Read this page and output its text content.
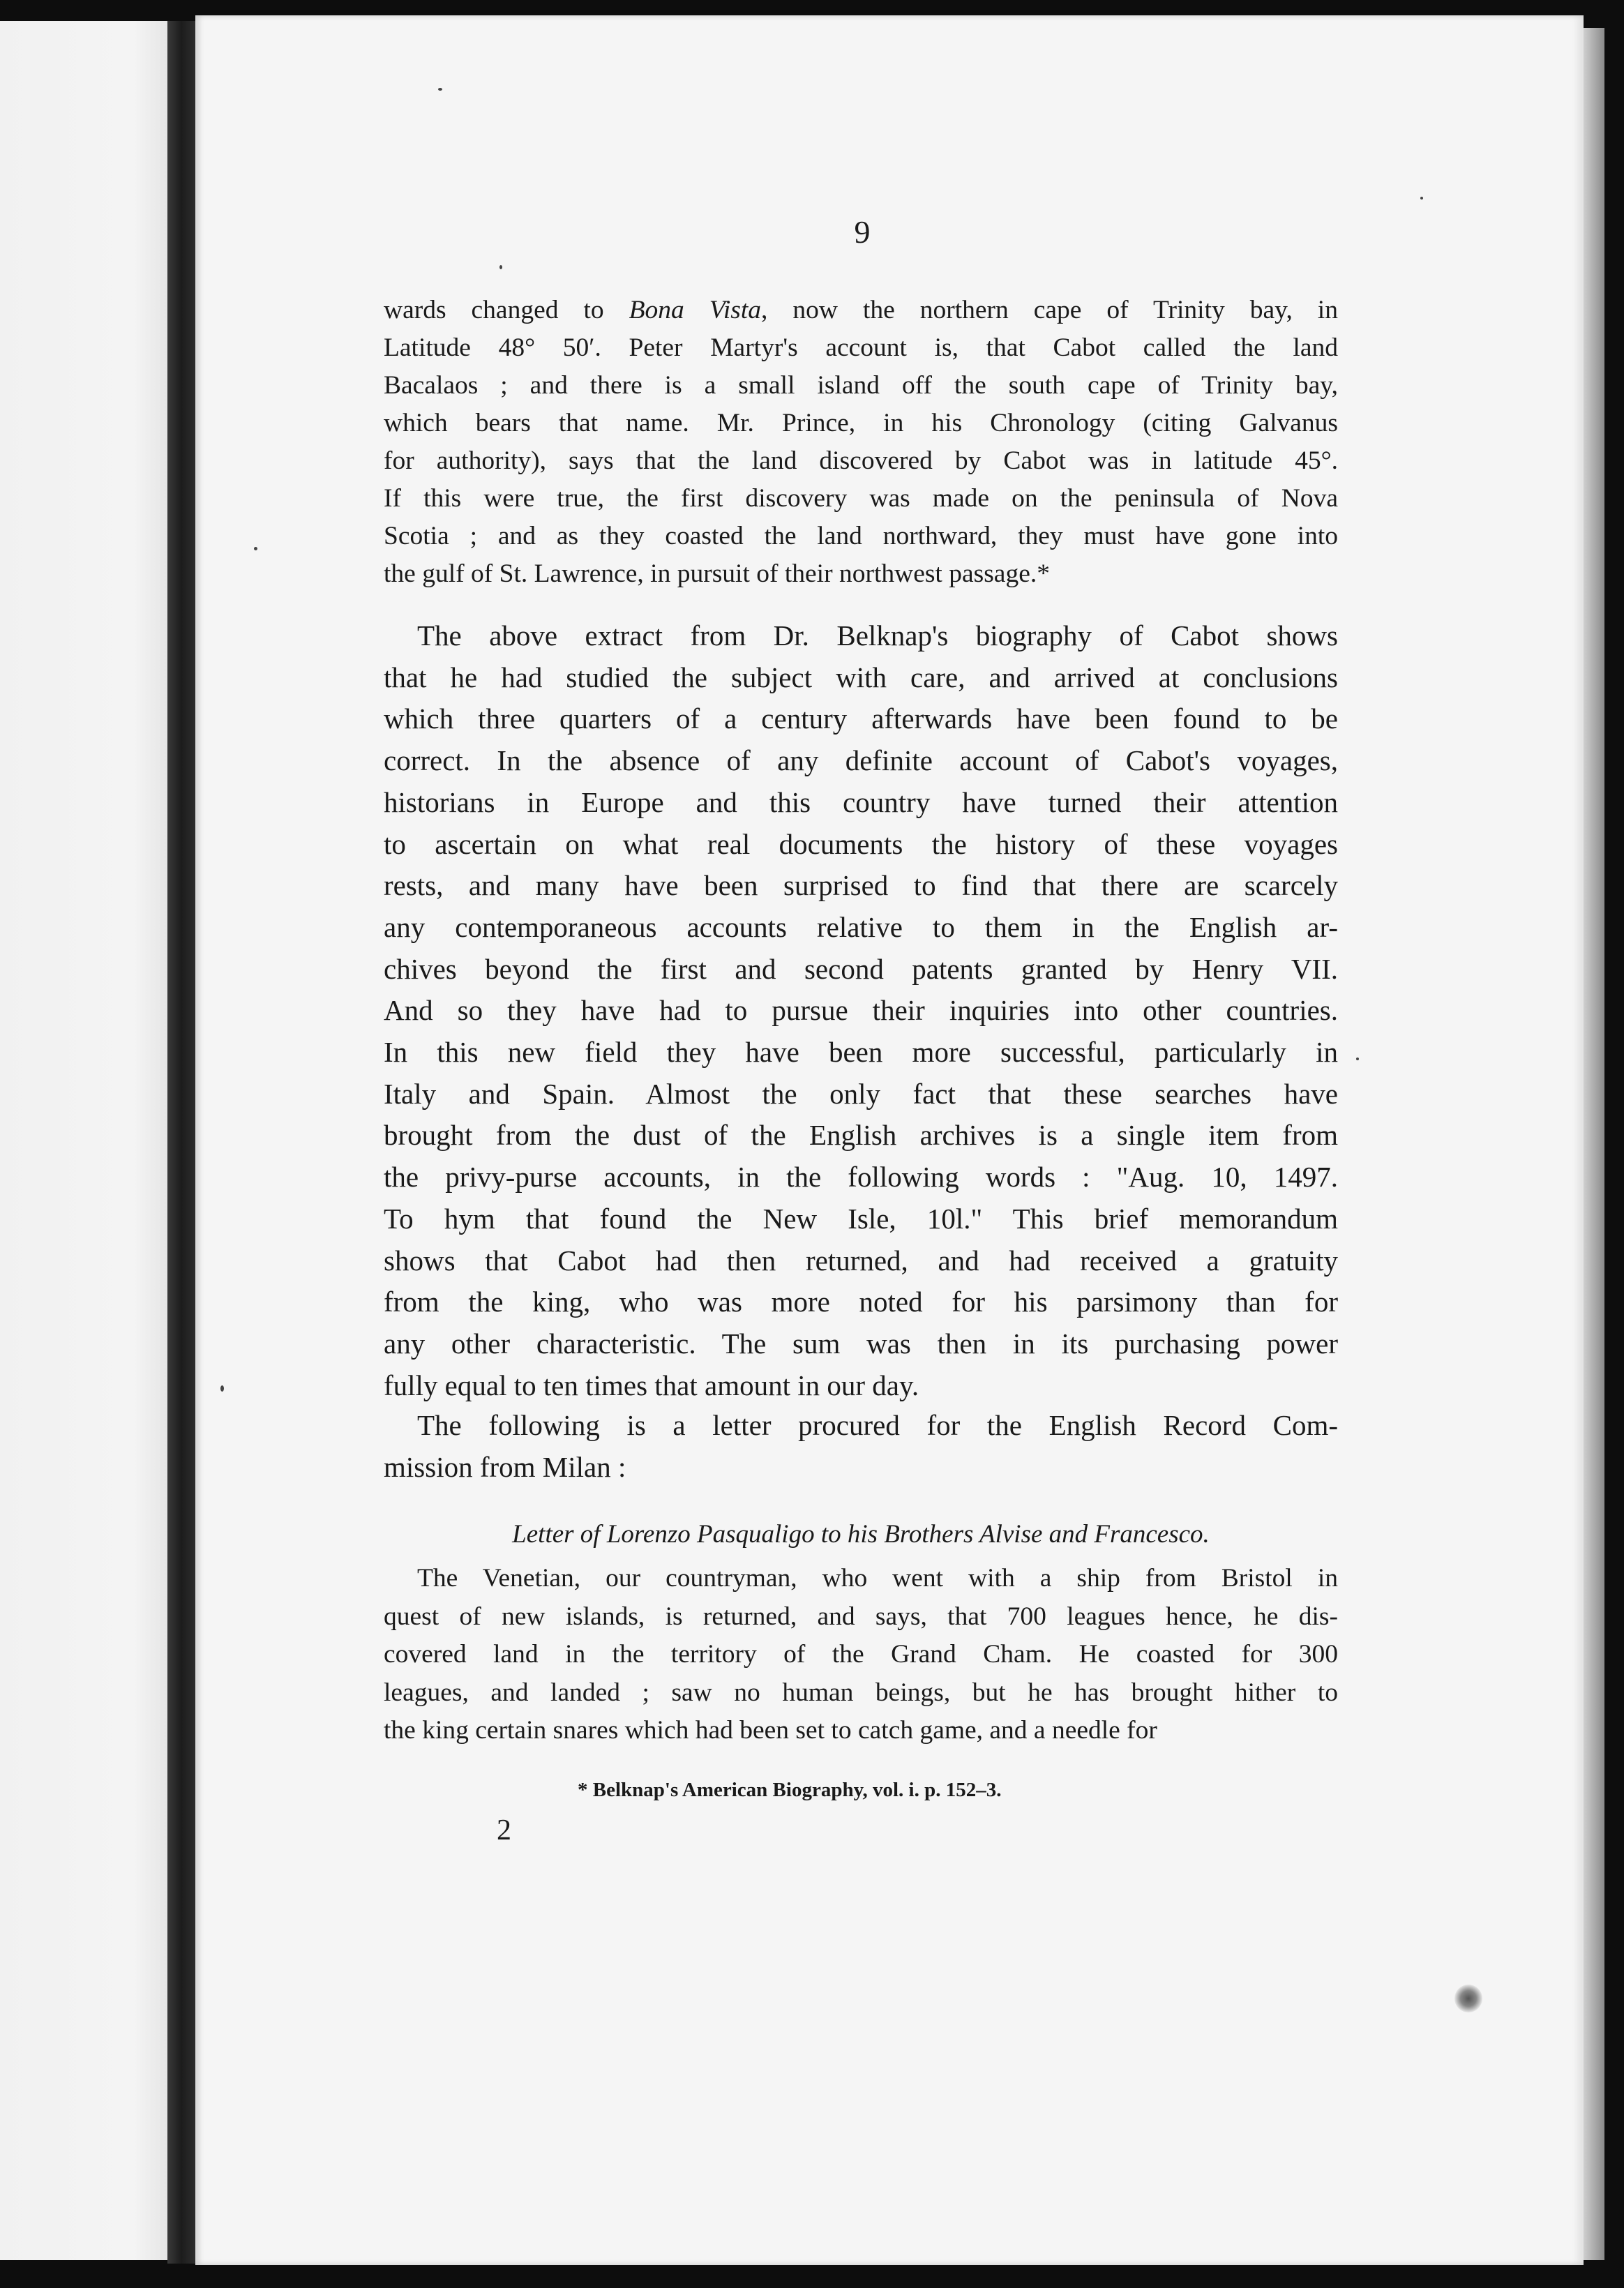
9
wards changed to Bona Vista, now the northern cape of Trinity bay, in
Latitude 48° 50′. Peter Martyr's account is, that Cabot called the land
Bacalaos ; and there is a small island off the south cape of Trinity bay,
which bears that name. Mr. Prince, in his Chronology (citing Galvanus
for authority), says that the land discovered by Cabot was in latitude 45°.
If this were true, the first discovery was made on the peninsula of Nova
Scotia ; and as they coasted the land northward, they must have gone into
the gulf of St. Lawrence, in pursuit of their northwest passage.*
The above extract from Dr. Belknap's biography of Cabot shows
that he had studied the subject with care, and arrived at conclusions
which three quarters of a century afterwards have been found to be
correct. In the absence of any definite account of Cabot's voyages,
historians in Europe and this country have turned their attention
to ascertain on what real documents the history of these voyages
rests, and many have been surprised to find that there are scarcely
any contemporaneous accounts relative to them in the English ar-
chives beyond the first and second patents granted by Henry VII.
And so they have had to pursue their inquiries into other countries.
In this new field they have been more successful, particularly in
Italy and Spain. Almost the only fact that these searches have
brought from the dust of the English archives is a single item from
the privy-purse accounts, in the following words : "Aug. 10, 1497.
To hym that found the New Isle, 10l." This brief memorandum
shows that Cabot had then returned, and had received a gratuity
from the king, who was more noted for his parsimony than for
any other characteristic. The sum was then in its purchasing power
fully equal to ten times that amount in our day.
The following is a letter procured for the English Record Com-
mission from Milan :
Letter of Lorenzo Pasqualigo to his Brothers Alvise and Francesco.
The Venetian, our countryman, who went with a ship from Bristol in
quest of new islands, is returned, and says, that 700 leagues hence, he dis-
covered land in the territory of the Grand Cham. He coasted for 300
leagues, and landed ; saw no human beings, but he has brought hither to
the king certain snares which had been set to catch game, and a needle for
* Belknap's American Biography, vol. i. p. 152–3.
2
